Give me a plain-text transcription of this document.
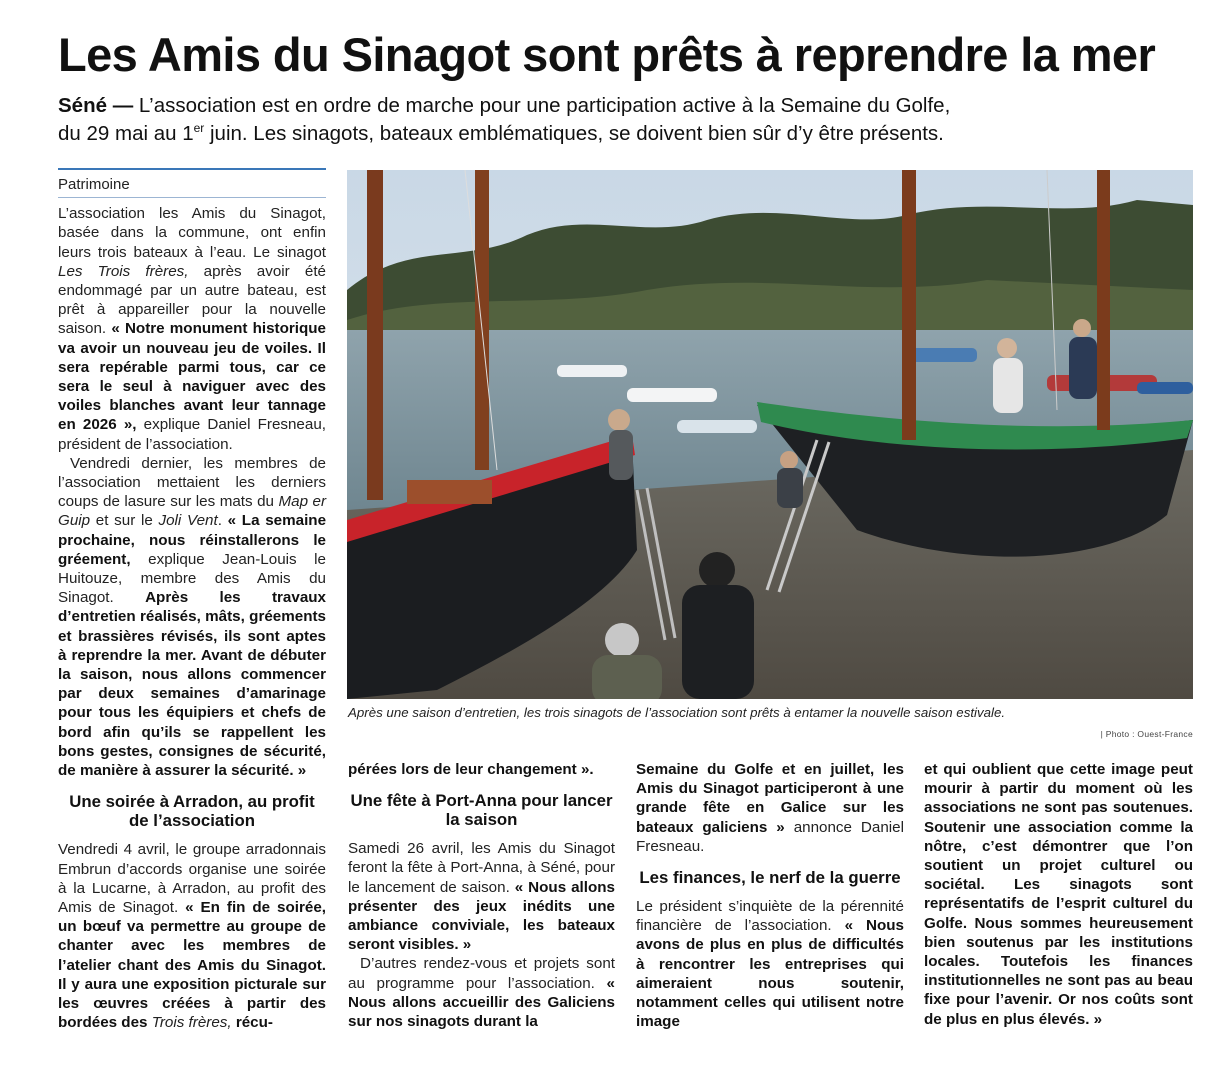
Les Amis du Sinagot sont prêts à reprendre la mer

Séné — L’association est en ordre de marche pour une participation active à la Semaine du Golfe,
du 29 mai au 1er juin. Les sinagots, bateaux emblématiques, se doivent bien sûr d’y être présents.

Patrimoine

L’association les Amis du Sinagot, basée dans la commune, ont enfin leurs trois bateaux à l’eau. Le sinagot Les Trois frères, après avoir été endommagé par un autre bateau, est prêt à appareiller pour la nouvelle saison. « Notre monument historique va avoir un nouveau jeu de voiles. Il sera repérable parmi tous, car ce sera le seul à naviguer avec des voiles blanches avant leur tannage en 2026 », explique Daniel Fresneau, président de l’association.

Vendredi dernier, les membres de l’association mettaient les derniers coups de lasure sur les mats du Map er Guip et sur le Joli Vent. « La semaine prochaine, nous réinstallerons le gréement, explique Jean-Louis le Huitouze, membre des Amis du Sinagot. Après les travaux d’entretien réalisés, mâts, gréements et brassières révisés, ils sont aptes à reprendre la mer. Avant de débuter la saison, nous allons commencer par deux semaines d’amarinage pour tous les équipiers et chefs de bord afin qu’ils se rappellent les bons gestes, consignes de sécurité, de manière à assurer la sécurité. »

Une soirée à Arradon, au profit de l’association

Vendredi 4 avril, le groupe arradonnais Embrun d’accords organise une soirée à la Lucarne, à Arradon, au profit des Amis de Sinagot. « En fin de soirée, un bœuf va permettre au groupe de chanter avec les membres de l’atelier chant des Amis du Sinagot. Il y aura une exposition picturale sur les œuvres créées à partir des bordées des Trois frères, récu-

Après une saison d’entretien, les trois sinagots de l’association sont prêts à entamer la nouvelle saison estivale.
| Photo : Ouest-France

pérées lors de leur changement ».

Une fête à Port-Anna pour lancer la saison

Samedi 26 avril, les Amis du Sinagot feront la fête à Port-Anna, à Séné, pour le lancement de saison. « Nous allons présenter des jeux inédits une ambiance conviviale, les bateaux seront visibles. »

D’autres rendez-vous et projets sont au programme pour l’association. « Nous allons accueillir des Galiciens sur nos sinagots durant la

Semaine du Golfe et en juillet, les Amis du Sinagot participeront à une grande fête en Galice sur les bateaux galiciens » annonce Daniel Fresneau.

Les finances, le nerf de la guerre

Le président s’inquiète de la pérennité financière de l’association. « Nous avons de plus en plus de difficultés à rencontrer les entreprises qui aimeraient nous soutenir, notamment celles qui utilisent notre image

et qui oublient que cette image peut mourir à partir du moment où les associations ne sont pas soutenues. Soutenir une association comme la nôtre, c’est démontrer que l’on soutient un projet culturel ou sociétal. Les sinagots sont représentatifs de l’esprit culturel du Golfe. Nous sommes heureusement bien soutenus par les institutions locales. Toutefois les finances institutionnelles ne sont pas au beau fixe pour l’avenir. Or nos coûts sont de plus en plus élevés. »
